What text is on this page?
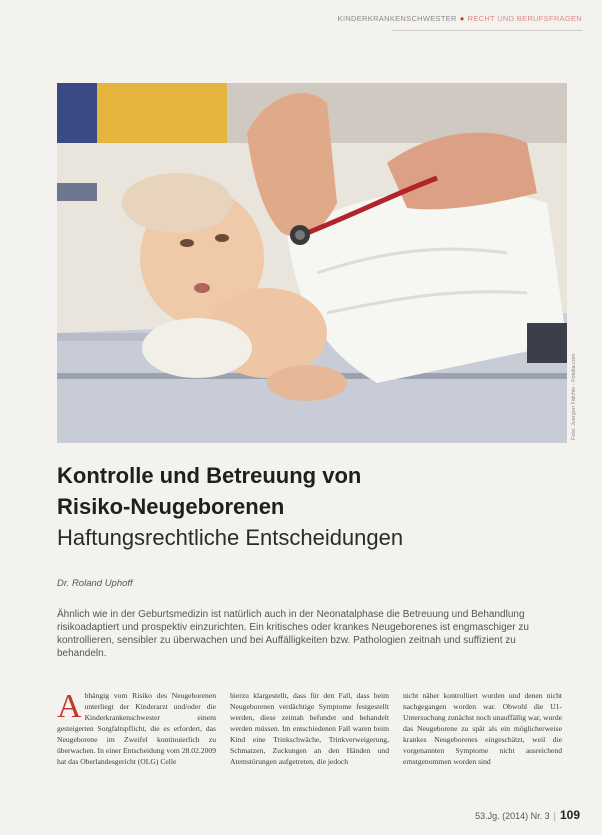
KINDERKRANKENSCHWESTER ● RECHT UND BERUFSFRAGEN
Foto: Juergen Fälchle - Fotolia.com
Kontrolle und Betreuung von
Risiko-Neugeborenen
Haftungsrechtliche Entscheidungen
Dr. Roland Uphoff

Ähnlich wie in der Geburtsmedizin ist natürlich auch in der Neonatalphase die Betreuung und Behandlung risikoadaptiert und prospektiv einzurichten. Ein kritisches oder krankes Neugeborenes ist engmaschiger zu kontrollieren, sensibler zu überwachen und bei Auffälligkeiten bzw. Pathologien zeitnah und suffizient zu behandeln.

Abhängig vom Risiko des Neugeborenen unterliegt der Kinderarzt und/oder die Kinderkrankenschwester einem gesteigerten Sorgfaltspflicht, die es erfordert, das Neugeborene im Zweifel kontinuierlich zu überwachen. In einer Entscheidung vom 28.02.2009 hat das Oberlandesgericht (OLG) Celle

hierzu klargestellt, dass für den Fall, dass beim Neugeborenen verdächtige Symptome festgestellt werden, diese zeitnah befundet und behandelt werden müssen. Im entschiedenen Fall waren beim Kind eine Trinkschwäche, Trinkverweigerung, Schmatzen, Zuckungen an den Händen und Atemstörungen aufgetreten, die jedoch

nicht näher kontrolliert wurden und denen nicht nachgegangen worden war. Obwohl die U1-Untersuchung zunächst noch unauffällig war, wurde das Neugeborene zu spät als ein möglicherweise krankes Neugeborenes eingeschätzt, weil die vorgenannten Symptome nicht ausreichend ernstgenommen worden sind

53.Jg. (2014) Nr. 3 | 109
